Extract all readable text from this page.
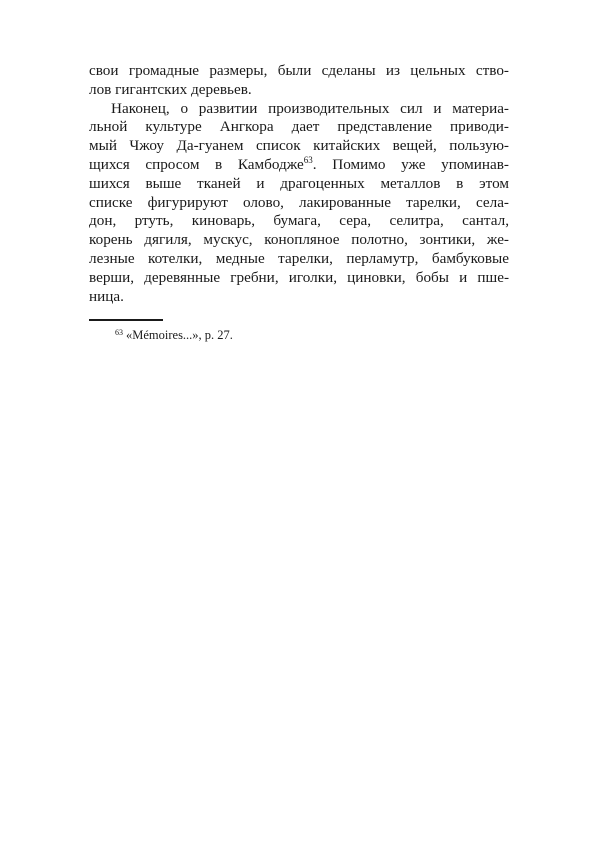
свои громадные размеры, были сделаны из цельных ство-
лов гигантских деревьев.
Наконец, о развитии производительных сил и материа-
льной культуре Ангкора дает представление приводи-
мый Чжоу Да-гуанем список китайских вещей, пользую-
щихся спросом в Камбодже$^{63}$. Помимо уже упоминав-
шихся выше тканей и драгоценных металлов в этом
списке фигурируют олово, лакированные тарелки, села-
дон, ртуть, киноварь, бумага, сера, селитра, сантал,
корень дягиля, мускус, конопляное полотно, зонтики, же-
лезные котелки, медные тарелки, перламутр, бамбуковые
верши, деревянные гребни, иголки, циновки, бобы и пше-
ница.
$^{63}$ «Mémoires...», p. 27.
